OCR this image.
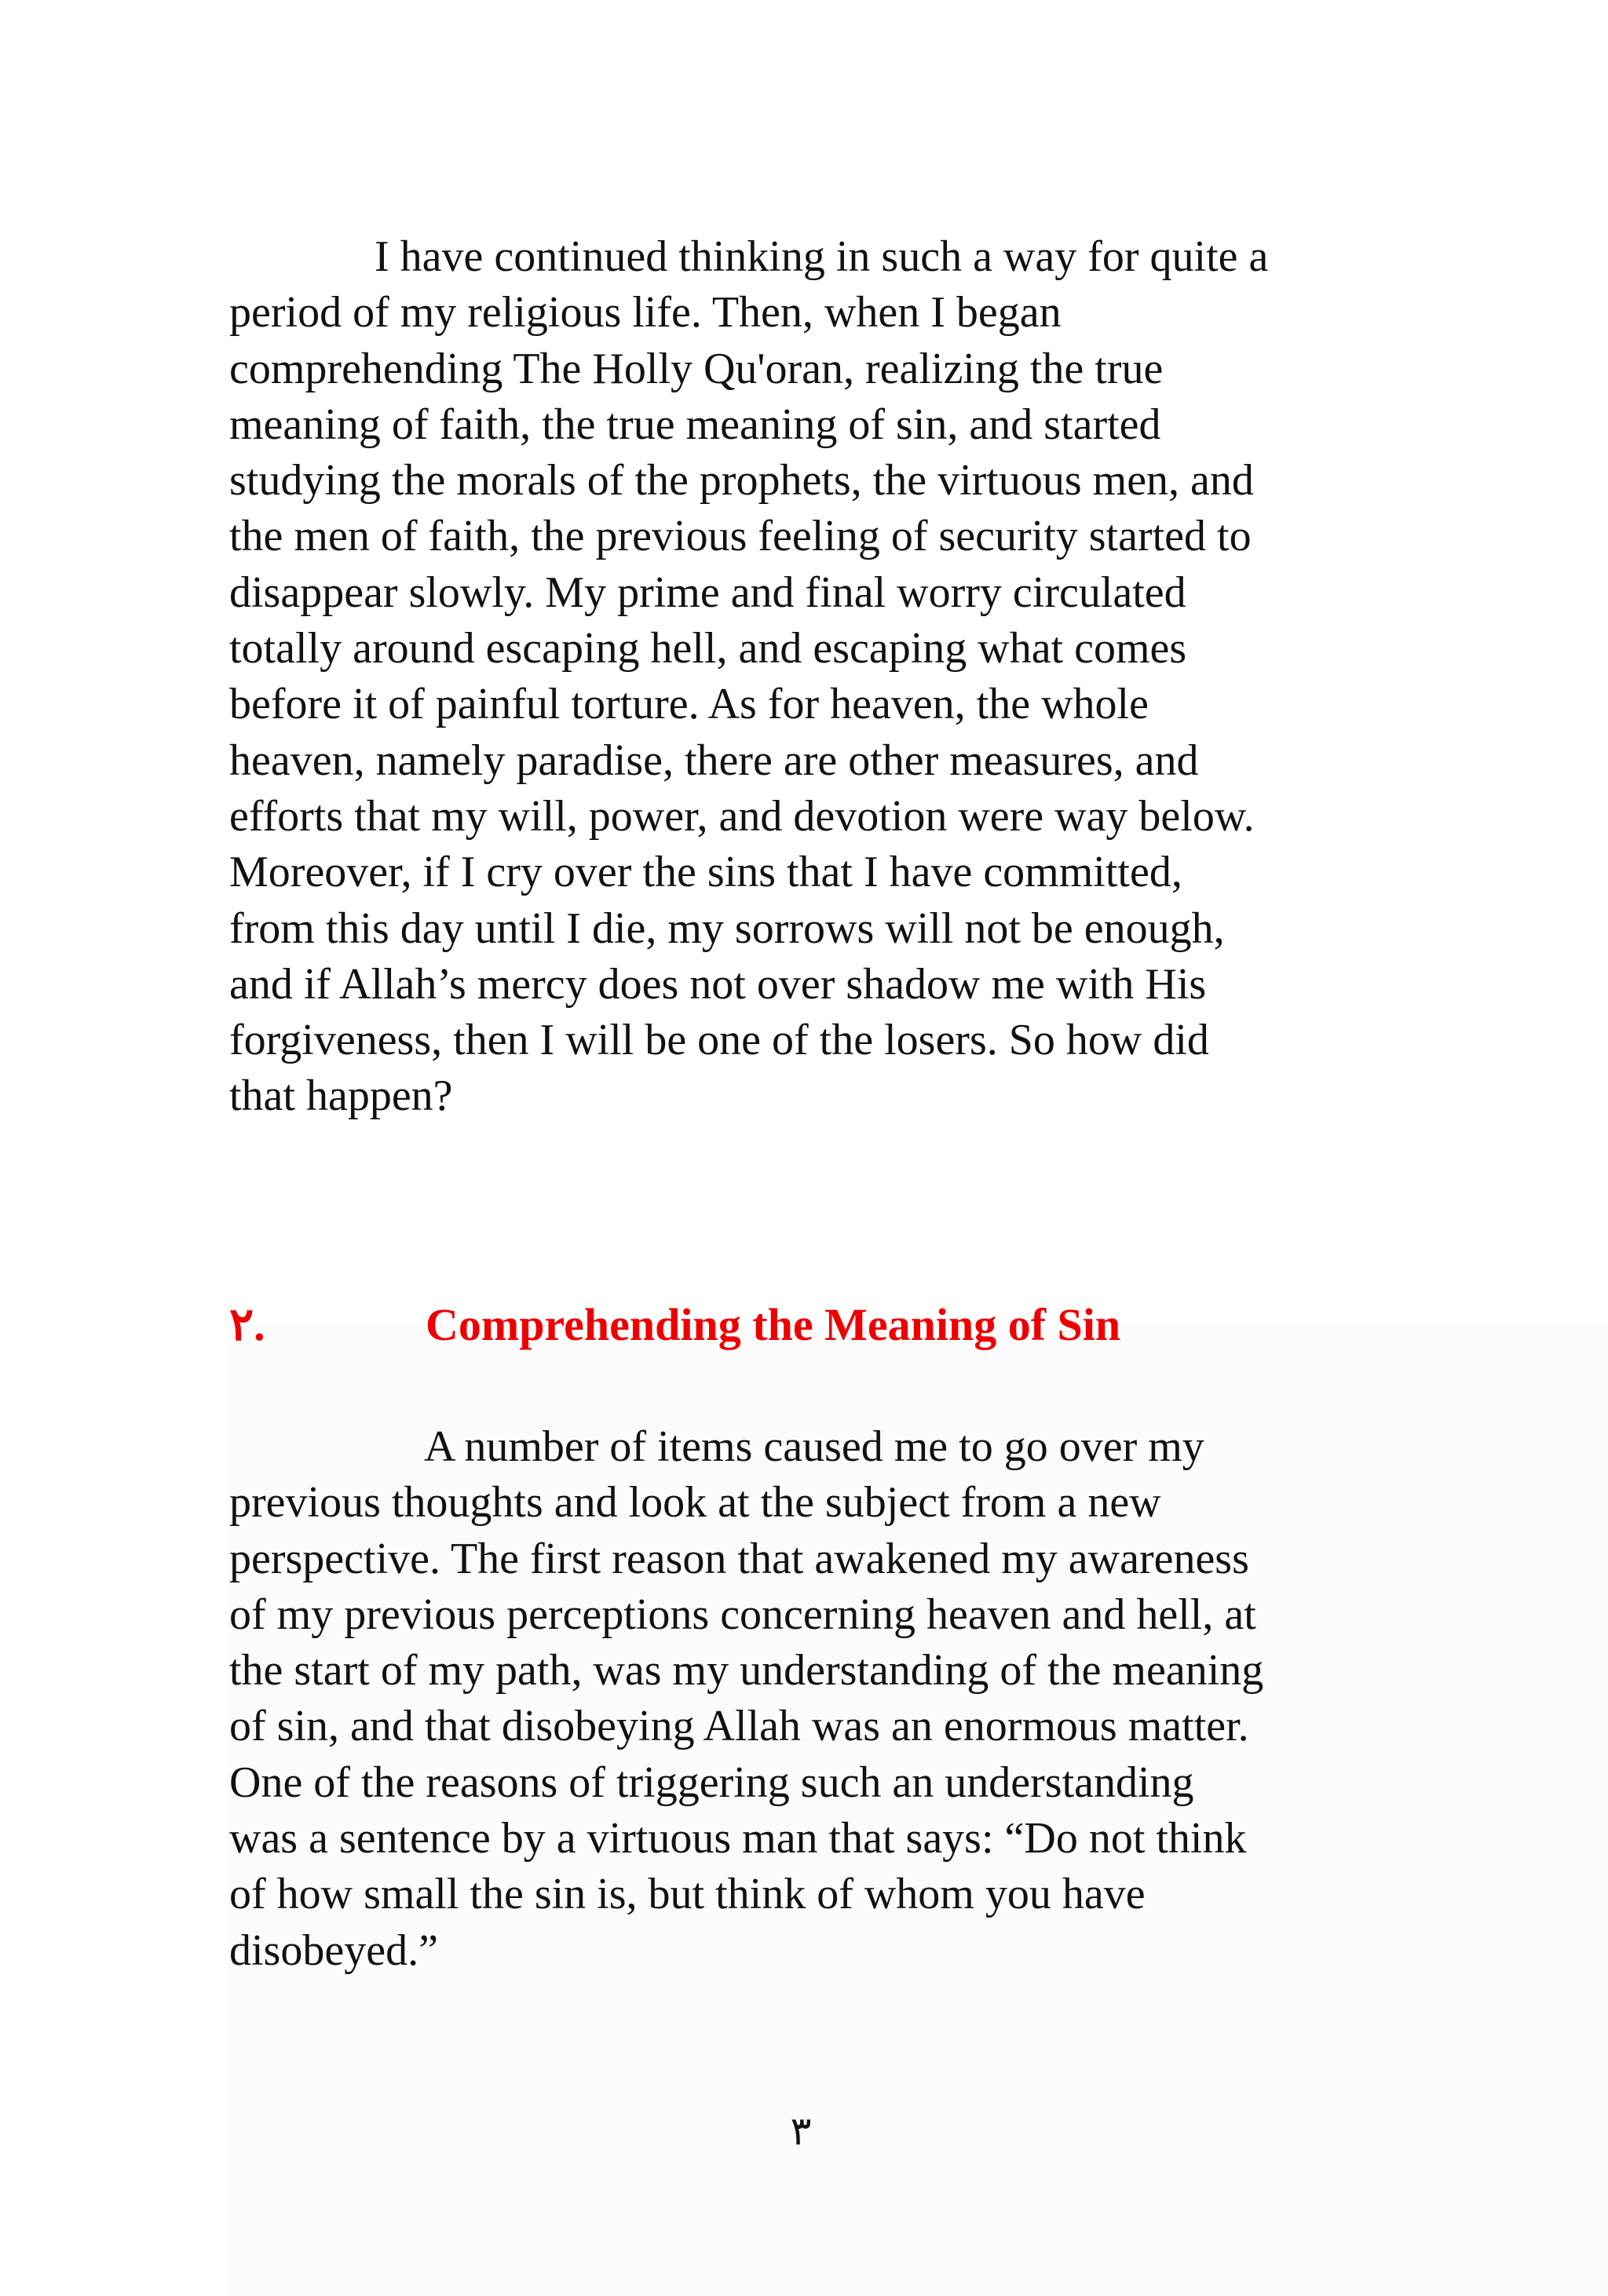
I have continued thinking in such a way for quite a
period of my religious life. Then, when I began
comprehending The Holly Qu'oran, realizing the true
meaning of faith, the true meaning of sin, and started
studying the morals of the prophets, the virtuous men, and
the men of faith, the previous feeling of security started to
disappear slowly. My prime and final worry circulated
totally around escaping hell, and escaping what comes
before it of painful torture. As for heaven, the whole
heaven, namely paradise, there are other measures, and
efforts that my will, power, and devotion were way below.
Moreover, if I cry over the sins that I have committed,
from this day until I die, my sorrows will not be enough,
and if Allah’s mercy does not over shadow me with His
forgiveness, then I will be one of the losers. So how did
that happen?
٢.	Comprehending the Meaning of Sin
A number of items caused me to go over my
previous thoughts and look at the subject from a new
perspective. The first reason that awakened my awareness
of my previous perceptions concerning heaven and hell, at
the start of my path, was my understanding of the meaning
of sin, and that disobeying Allah was an enormous matter.
One of the reasons of triggering such an understanding
was a sentence by a virtuous man that says: “Do not think
of how small the sin is, but think of whom you have
disobeyed.”
٣
